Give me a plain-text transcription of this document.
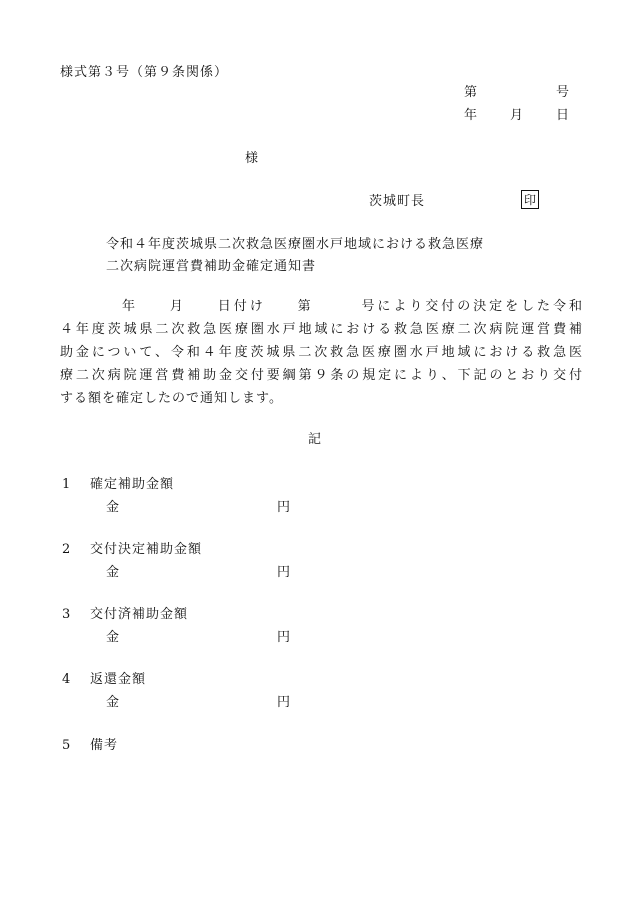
様式第３号（第９条関係）
第	号
年	月	日
様
茨城町長	印
令和４年度茨城県二次救急医療圏水戸地域における救急医療
二次病院運営費補助金確定通知書
年　　月　　日付け　　第　　　号により交付の決定をした令和
４年度茨城県二次救急医療圏水戸地域における救急医療二次病院運営費補
助金について、令和４年度茨城県二次救急医療圏水戸地域における救急医
療二次病院運営費補助金交付要綱第９条の規定により、下記のとおり交付
する額を確定したので通知します。
記
1 確定補助金額
金	円
2 交付決定補助金額
金	円
3 交付済補助金額
金	円
4 返還金額
金	円
5 備考
